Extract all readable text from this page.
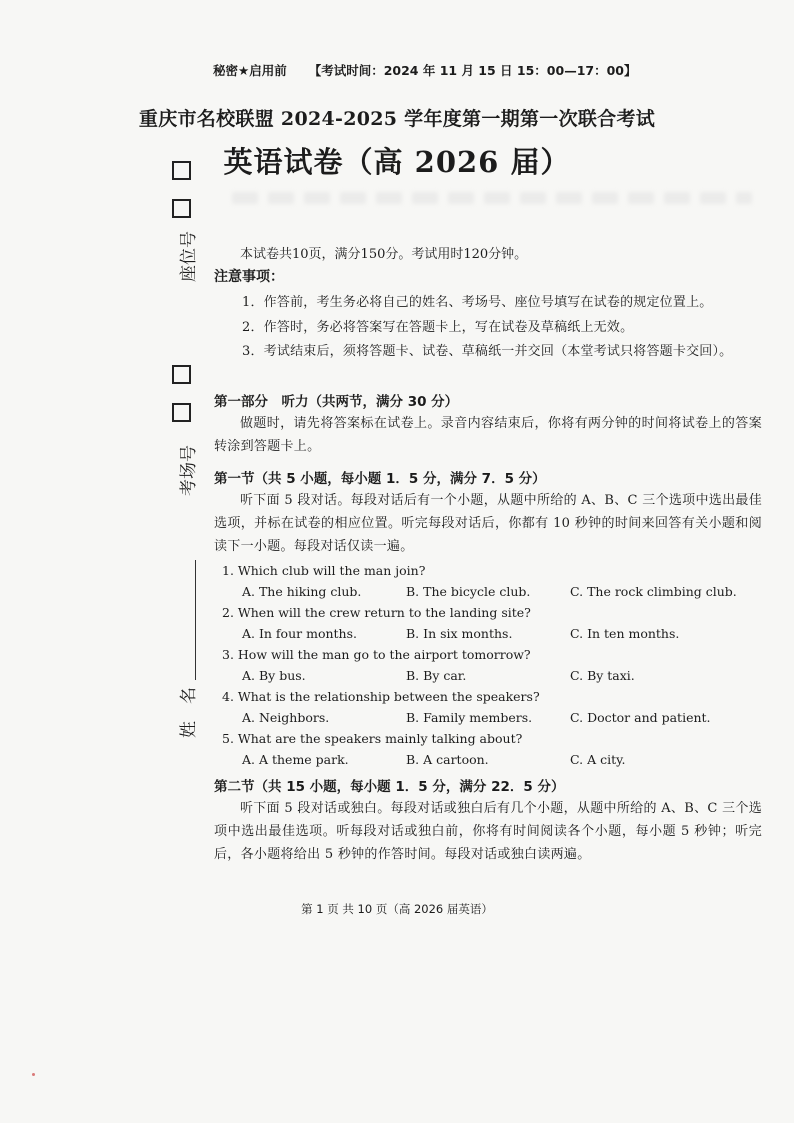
秘密★启用前 【考试时间：2024 年 11 月 15 日 15：00—17：00】
重庆市名校联盟 2024-2025 学年度第一期第一次联合考试
英语试卷（高 2026 届）
本试卷共10页，满分150分。考试用时120分钟。
注意事项：
1．作答前，考生务必将自己的姓名、考场号、座位号填写在试卷的规定位置上。
2．作答时，务必将答案写在答题卡上，写在试卷及草稿纸上无效。
3．考试结束后，须将答题卡、试卷、草稿纸一并交回（本堂考试只将答题卡交回）。
第一部分　听力（共两节，满分 30 分）
做题时，请先将答案标在试卷上。录音内容结束后，你将有两分钟的时间将试卷上的答案转涂到答题卡上。
第一节（共 5 小题，每小题 1．5 分，满分 7．5 分）
听下面 5 段对话。每段对话后有一个小题，从题中所给的 A、B、C 三个选项中选出最佳选项，并标在试卷的相应位置。听完每段对话后，你都有 10 秒钟的时间来回答有关小题和阅读下一小题。每段对话仅读一遍。
1. Which club will the man join?
A. The hiking club.	B. The bicycle club.	C. The rock climbing club.
2. When will the crew return to the landing site?
A. In four months.	B. In six months.	C. In ten months.
3. How will the man go to the airport tomorrow?
A. By bus.	B. By car.	C. By taxi.
4. What is the relationship between the speakers?
A. Neighbors.	B. Family members.	C. Doctor and patient.
5. What are the speakers mainly talking about?
A. A theme park.	B. A cartoon.	C. A city.
第二节（共 15 小题，每小题 1．5 分，满分 22．5 分）
听下面 5 段对话或独白。每段对话或独白后有几个小题，从题中所给的 A、B、C 三个选项中选出最佳选项。听每段对话或独白前，你将有时间阅读各个小题，每小题 5 秒钟；听完后，各小题将给出 5 秒钟的作答时间。每段对话或独白读两遍。
第 1 页 共 10 页（高 2026 届英语）
座位号
考场号
姓　名
